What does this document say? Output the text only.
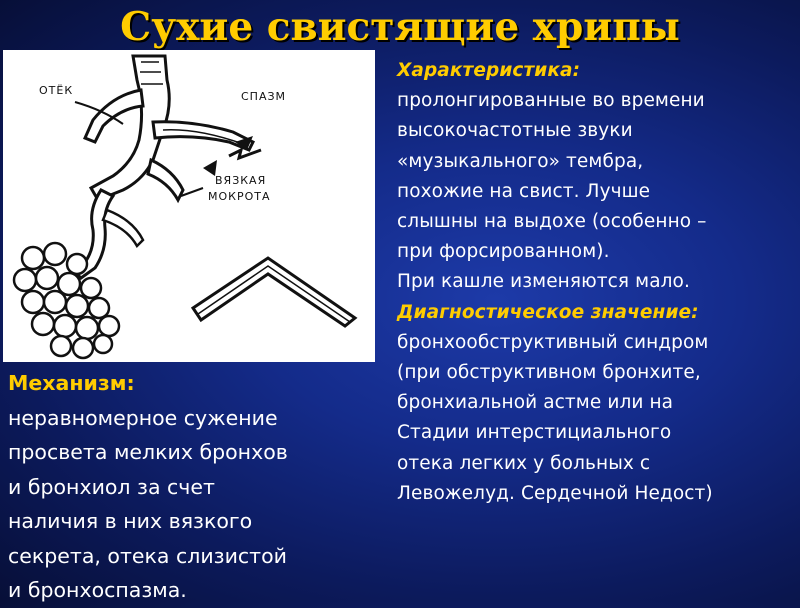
Сухие свистящие хрипы
ОТЁК	СПАЗМ
ВЯЗКАЯ
МОКРОТА
Характеристика:
пролонгированные во времени
высокочастотные звуки
«музыкального» тембра,
похожие на свист. Лучше
слышны на выдохе (особенно –
при форсированном).
При кашле изменяются мало.
Диагностическое значение:
бронхообструктивный синдром
(при обструктивном бронхите,
бронхиальной астме или на
Стадии интерстициального
отека легких у больных с
Левожелуд. Сердечной Недост)
Механизм:
неравномерное сужение
просвета мелких бронхов
и бронхиол за счет
наличия в них вязкого
секрета, отека слизистой
и бронхоспазма.
